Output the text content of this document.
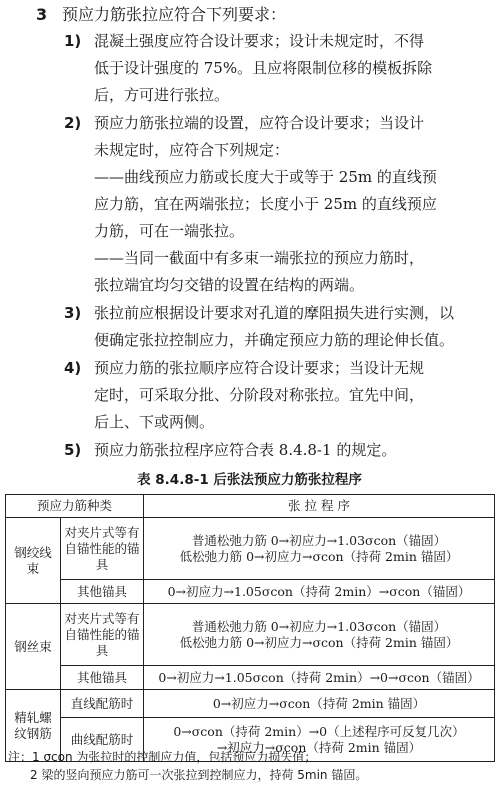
3 预应力筋张拉应符合下列要求：
1) 混凝土强度应符合设计要求；设计未规定时，不得
低于设计强度的 75%。且应将限制位移的模板拆除
后，方可进行张拉。
2) 预应力筋张拉端的设置，应符合设计要求；当设计
未规定时，应符合下列规定：
——曲线预应力筋或长度大于或等于 25m 的直线预
应力筋，宜在两端张拉；长度小于 25m 的直线预应
力筋，可在一端张拉。
——当同一截面中有多束一端张拉的预应力筋时，
张拉端宜均匀交错的设置在结构的两端。
3) 张拉前应根据设计要求对孔道的摩阻损失进行实测，以
便确定张拉控制应力，并确定预应力筋的理论伸长值。
4) 预应力筋的张拉顺序应符合设计要求；当设计无规
定时，可采取分批、分阶段对称张拉。宜先中间，
后上、下或两侧。
5) 预应力筋张拉程序应符合表 8.4.8-1 的规定。
表 8.4.8-1 后张法预应力筋张拉程序
预应力筋种类		张 拉 程 序
钢绞线束	对夹片式等有自锚性能的锚具	普通松弛力筋 0→初应力→1.03σcon（锚固）
低松弛力筋 0→初应力→σcon（持荷 2min 锚固）

	其他锚具	0→初应力→1.05σcon（持荷 2min）→σcon（锚固）

钢丝束	对夹片式等有自锚性能的锚具	普通松弛力筋 0→初应力→1.03σcon（锚固）
低松弛力筋 0→初应力→σcon（持荷 2min 锚固）

	其他锚具	0→初应力→1.05σcon（持荷 2min）→0→σcon（锚固）

精轧螺纹钢筋	直线配筋时	0→初应力→σcon（持荷 2min 锚固）

	曲线配筋时	0→σcon（持荷 2min）→0（上述程序可反复几次）
→初应力→σcon（持荷 2min 锚固）
注：1 σcon 为张拉时的控制应力值，包括预应力损失值；
2 梁的竖向预应力筋可一次张拉到控制应力，持荷 5min 锚固。
